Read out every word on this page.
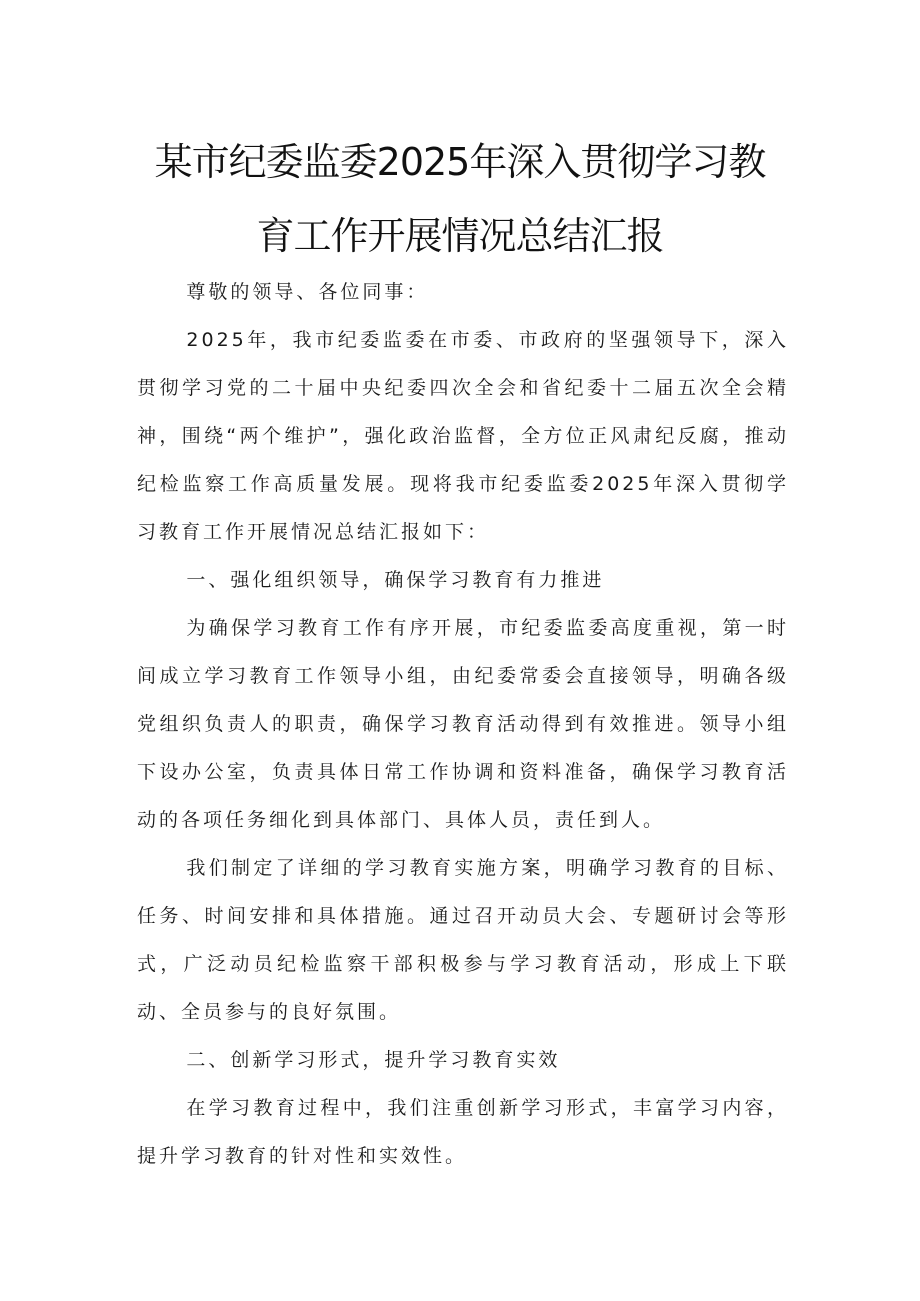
某市纪委监委2025年深入贯彻学习教
育工作开展情况总结汇报

尊敬的领导、各位同事：

2025年，我市纪委监委在市委、市政府的坚强领导下，深入贯彻学习党的二十届中央纪委四次全会和省纪委十二届五次全会精神，围绕“两个维护”，强化政治监督，全方位正风肃纪反腐，推动纪检监察工作高质量发展。现将我市纪委监委2025年深入贯彻学习教育工作开展情况总结汇报如下：

一、强化组织领导，确保学习教育有力推进

为确保学习教育工作有序开展，市纪委监委高度重视，第一时间成立学习教育工作领导小组，由纪委常委会直接领导，明确各级党组织负责人的职责，确保学习教育活动得到有效推进。领导小组下设办公室，负责具体日常工作协调和资料准备，确保学习教育活动的各项任务细化到具体部门、具体人员，责任到人。

我们制定了详细的学习教育实施方案，明确学习教育的目标、任务、时间安排和具体措施。通过召开动员大会、专题研讨会等形式，广泛动员纪检监察干部积极参与学习教育活动，形成上下联动、全员参与的良好氛围。

二、创新学习形式，提升学习教育实效

在学习教育过程中，我们注重创新学习形式，丰富学习内容，提升学习教育的针对性和实效性。
